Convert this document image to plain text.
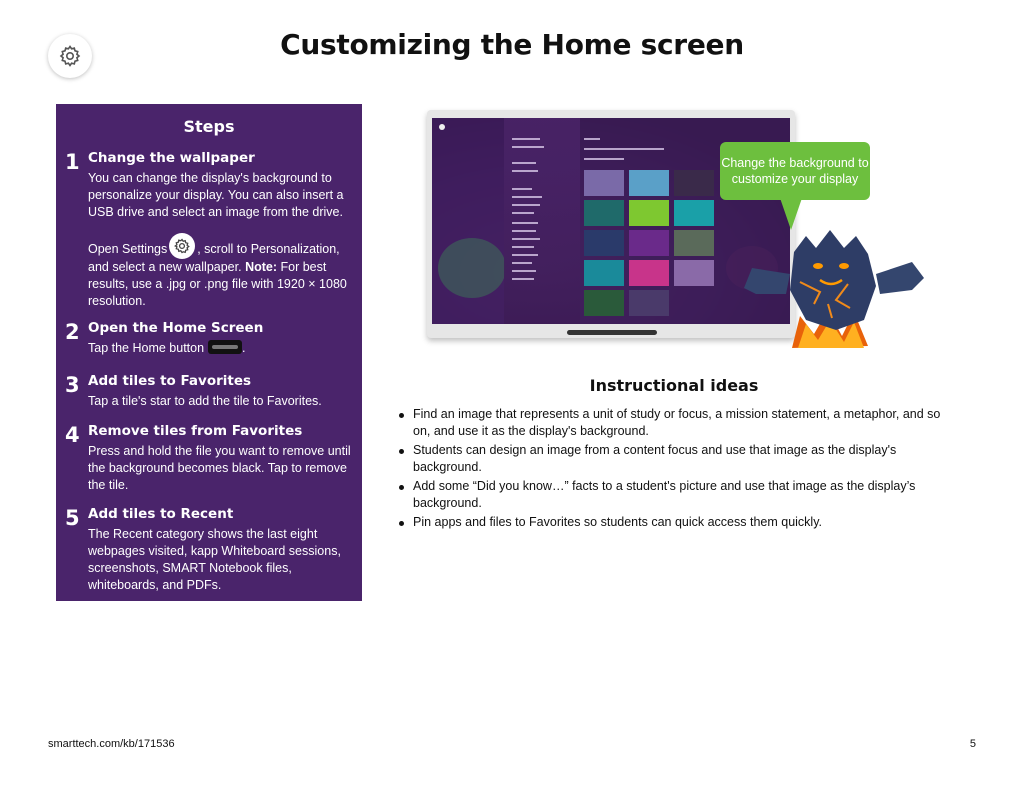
Customizing the Home screen
Steps
1 Change the wallpaper

You can change the display's background to personalize your display. You can also insert a USB drive and select an image from the drive.

Open Settings , scroll to Personalization, and select a new wallpaper. Note: For best results, use a .jpg or .png file with 1920 × 1080 resolution.

2 Open the Home Screen
Tap the Home button	.
3 Add tiles to Favorites
Tap a tile's star to add the tile to Favorites.
4 Remove tiles from Favorites
Press and hold the file you want to remove until the background becomes black. Tap to remove the tile.
5 Add tiles to Recent
The Recent category shows the last eight webpages visited, kapp Whiteboard sessions, screenshots, SMART Notebook files, whiteboards, and PDFs.
Change the background to customize your display
Instructional ideas
Find an image that represents a unit of study or focus, a mission statement, a metaphor, and so on, and use it as the display's background.
Students can design an image from a content focus and use that image as the display's background.
Add some “Did you know…” facts to a student's picture and use that image as the display’s background.
Pin apps and files to Favorites so students can quick access them quickly.
smarttech.com/kb/171536	5
